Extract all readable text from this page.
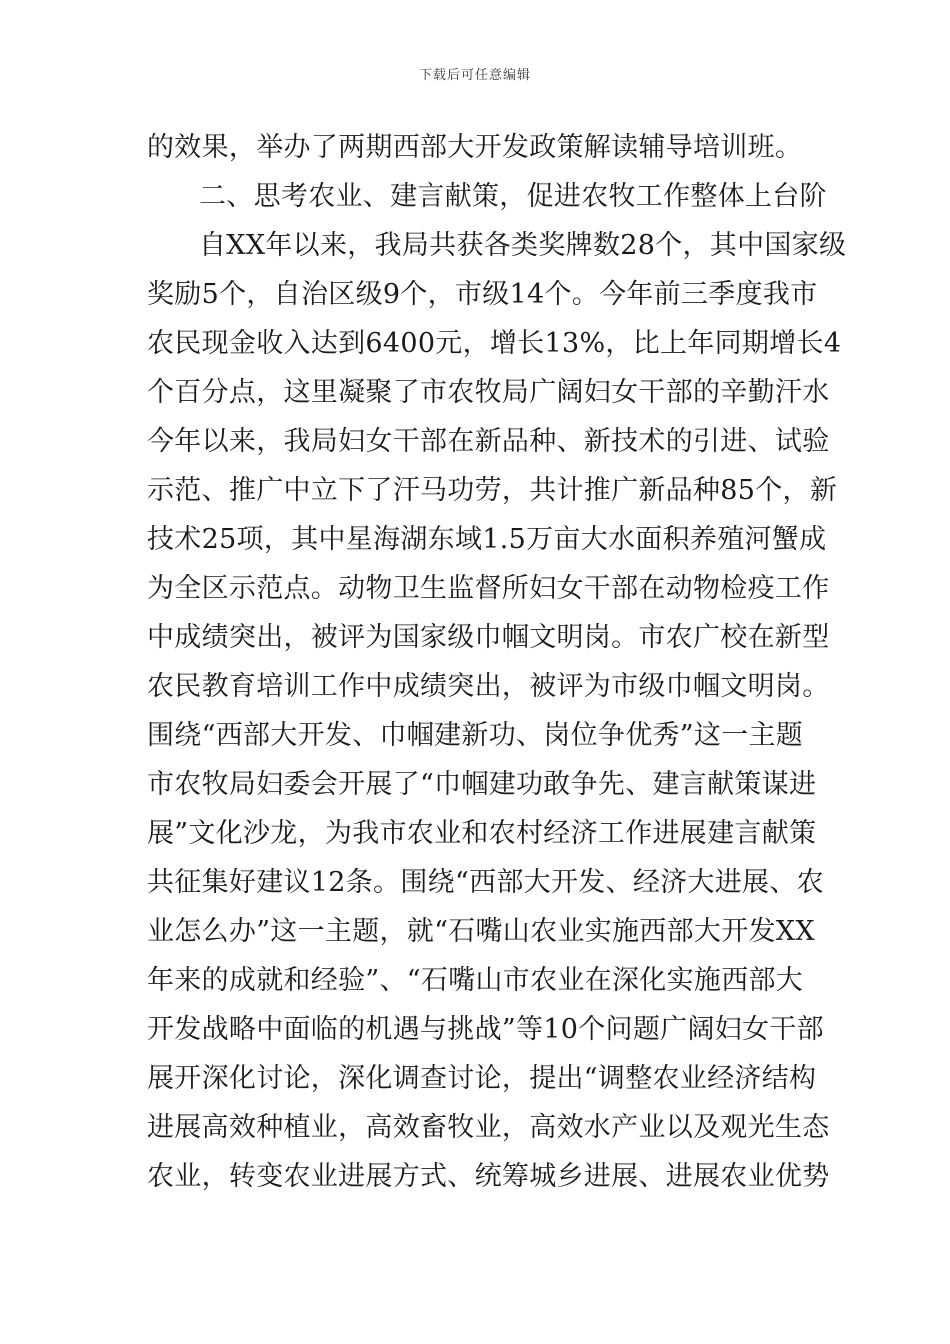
下载后可任意编辑
的效果，举办了两期西部大开发政策解读辅导培训班。
二、思考农业、建言献策，促进农牧工作整体上台阶
自XX年以来，我局共获各类奖牌数28个，其中国家级
奖励5个，自治区级9个，市级14个。今年前三季度我市
农民现金收入达到6400元，增长13%，比上年同期增长4
个百分点，这里凝聚了市农牧局广阔妇女干部的辛勤汗水
今年以来，我局妇女干部在新品种、新技术的引进、试验
示范、推广中立下了汗马功劳，共计推广新品种85个，新
技术25项，其中星海湖东域1.5万亩大水面积养殖河蟹成
为全区示范点。动物卫生监督所妇女干部在动物检疫工作
中成绩突出，被评为国家级巾帼文明岗。市农广校在新型
农民教育培训工作中成绩突出，被评为市级巾帼文明岗。
围绕“西部大开发、巾帼建新功、岗位争优秀”这一主题
市农牧局妇委会开展了“巾帼建功敢争先、建言献策谋进
展”文化沙龙，为我市农业和农村经济工作进展建言献策
共征集好建议12条。围绕“西部大开发、经济大进展、农
业怎么办”这一主题，就“石嘴山农业实施西部大开发XX
年来的成就和经验”、“石嘴山市农业在深化实施西部大
开发战略中面临的机遇与挑战”等10个问题广阔妇女干部
展开深化讨论，深化调查讨论，提出“调整农业经济结构
进展高效种植业，高效畜牧业，高效水产业以及观光生态
农业，转变农业进展方式、统筹城乡进展、进展农业优势
